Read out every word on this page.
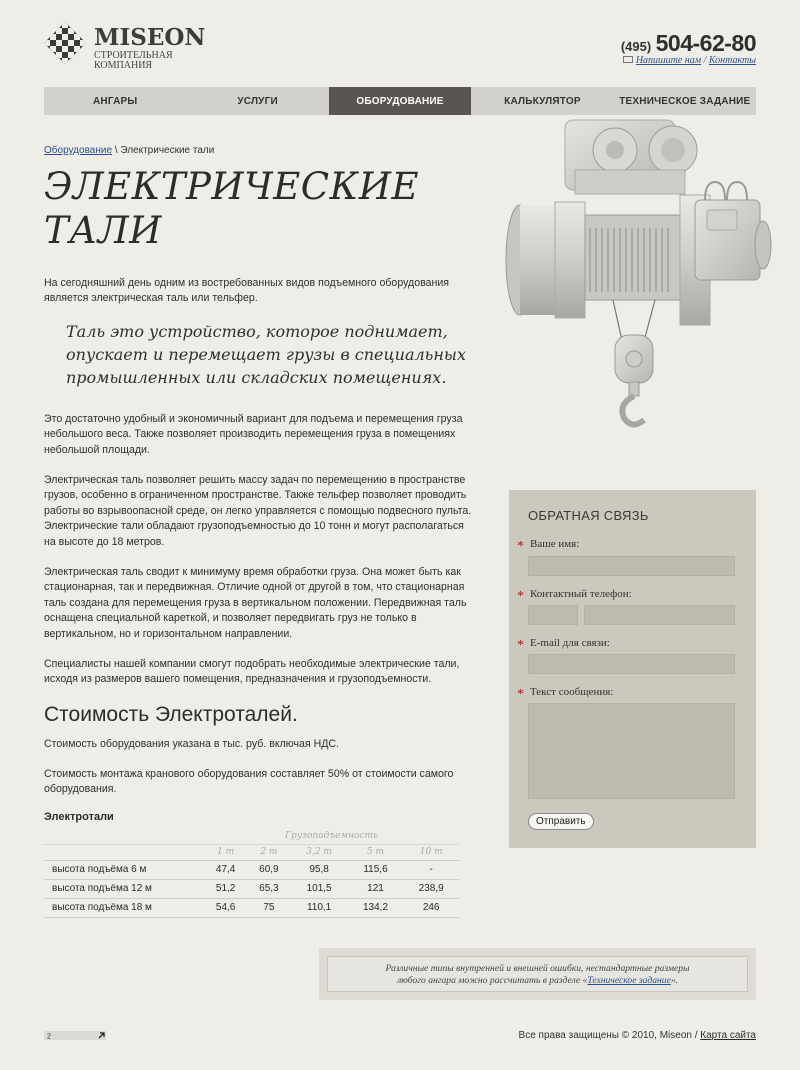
MISEON
СТРОИТЕЛЬНАЯ
КОМПАНИЯ
(495) 504-62-80
Напишите нам / Контакты
АНГАРЫ	УСЛУГИ	ОБОРУДОВАНИЕ	КАЛЬКУЛЯТОР	ТЕХНИЧЕСКОЕ ЗАДАНИЕ
Оборудование \ Электрические тали
ЭЛЕКТРИЧЕСКИЕ
ТАЛИ
На сегодняшний день одним из востребованных видов подъемного оборудования является электрическая таль или тельфер.
Таль это устройство, которое поднимает, опускает и перемещает грузы в специальных промышленных или складских помещениях.
Это достаточно удобный и экономичный вариант для подъема и перемещения груза небольшого веса. Также позволяет производить перемещения груза в помещениях небольшой площади.
Электрическая таль позволяет решить массу задач по перемещению в пространстве грузов, особенно в ограниченном пространстве. Также тельфер позволяет проводить работы во взрывоопасной среде, он легко управляется с помощью подвесного пульта. Электрические тали обладают грузоподъемностью до 10 тонн и могут располагаться на высоте до 18 метров.
Электрическая таль сводит к минимуму время обработки груза. Она может быть как стационарная, так и передвижная. Отличие одной от другой в том, что стационарная таль создана для перемещения груза в вертикальном положении. Передвижная таль оснащена специальной кареткой, и позволяет передвигать груз не только в вертикальном, но и горизонтальном направлении.
Специалисты нашей компании смогут подобрать необходимые электрические тали, исходя из размеров вашего помещения, предназначения и грузоподъемности.
Стоимость Электроталей.
Стоимость оборудования указана в тыс. руб. включая НДС.
Стоимость монтажа кранового оборудования составляет 50% от стоимости самого оборудования.
Электротали
	Грузоподъемность				
	1 т	2 т	3,2 т	5 т	10 т
высота подъёма 6 м	47,4	60,9	95,8	115,6	-
высота подъёма 12 м	51,2	65,3	101,5	121	238,9
высота подъёма 18 м	54,6	75	110,1	134,2	246
ОБРАТНАЯ СВЯЗЬ
* Ваше имя:
* Контактный телефон:
* E-mail для связи:
* Текст сообщения:
Отправить
Различные типы внутренней и внешней ошибки, нестандартные размеры
любого ангара можно рассчитать в разделе «Техническое задание».
2	Все права защищены © 2010, Miseon / Карта сайта
